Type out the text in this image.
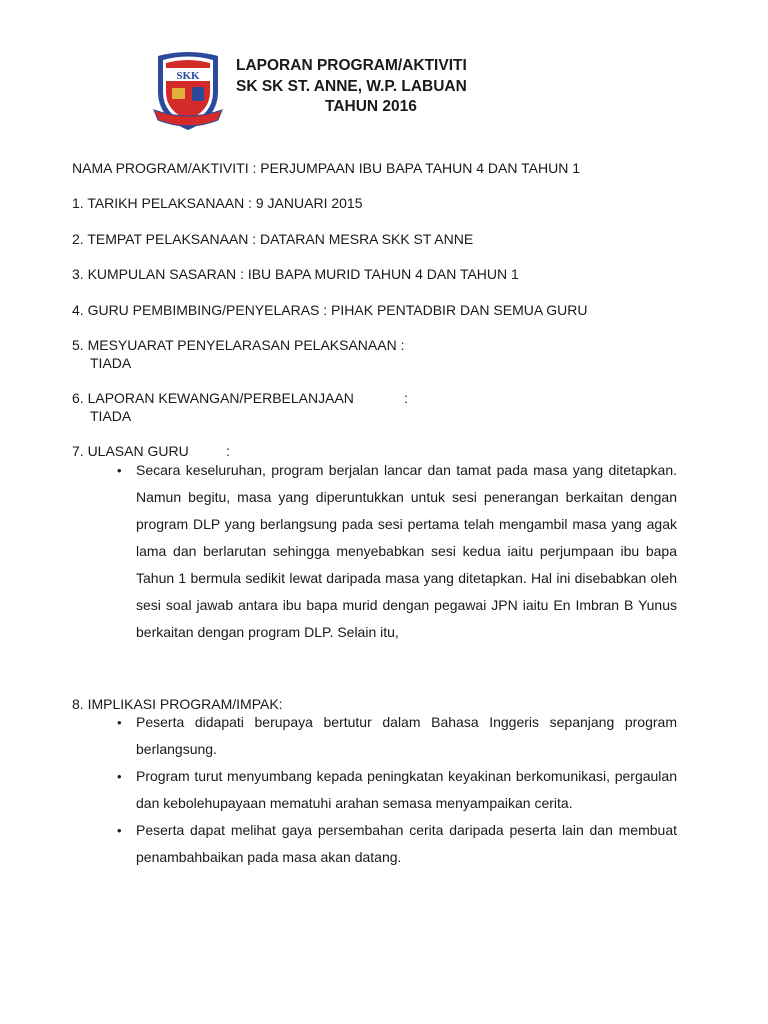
SKK
LAPORAN PROGRAM/AKTIVITI
SK SK ST. ANNE, W.P. LABUAN
TAHUN 2016
NAMA PROGRAM/AKTIVITI : PERJUMPAAN IBU BAPA TAHUN 4 DAN TAHUN 1
1. TARIKH PELAKSANAAN : 9 JANUARI 2015
2. TEMPAT PELAKSANAAN : DATARAN MESRA SKK ST ANNE
3. KUMPULAN SASARAN : IBU BAPA MURID TAHUN 4 DAN TAHUN 1
4. GURU PEMBIMBING/PENYELARAS : PIHAK PENTADBIR DAN SEMUA GURU
5. MESYUARAT PENYELARASAN PELAKSANAAN :
TIADA
6. LAPORAN KEWANGAN/PERBELANJAAN	:
TIADA
7. ULASAN GURU	:
• Secara keseluruhan, program berjalan lancar dan tamat pada masa yang ditetapkan. Namun begitu, masa yang diperuntukkan untuk sesi penerangan berkaitan dengan program DLP yang berlangsung pada sesi pertama telah mengambil masa yang agak lama dan berlarutan sehingga menyebabkan sesi kedua iaitu perjumpaan ibu bapa Tahun 1 bermula sedikit lewat daripada masa yang ditetapkan. Hal ini disebabkan oleh sesi soal jawab antara ibu bapa murid dengan pegawai JPN iaitu En Imbran B Yunus berkaitan dengan program DLP. Selain itu,
8. IMPLIKASI PROGRAM/IMPAK:
• Peserta didapati berupaya bertutur dalam Bahasa Inggeris sepanjang program berlangsung.
• Program turut menyumbang kepada peningkatan keyakinan berkomunikasi, pergaulan dan kebolehupayaan mematuhi arahan semasa menyampaikan cerita.
• Peserta dapat melihat gaya persembahan cerita daripada peserta lain dan membuat penambahbaikan pada masa akan datang.
